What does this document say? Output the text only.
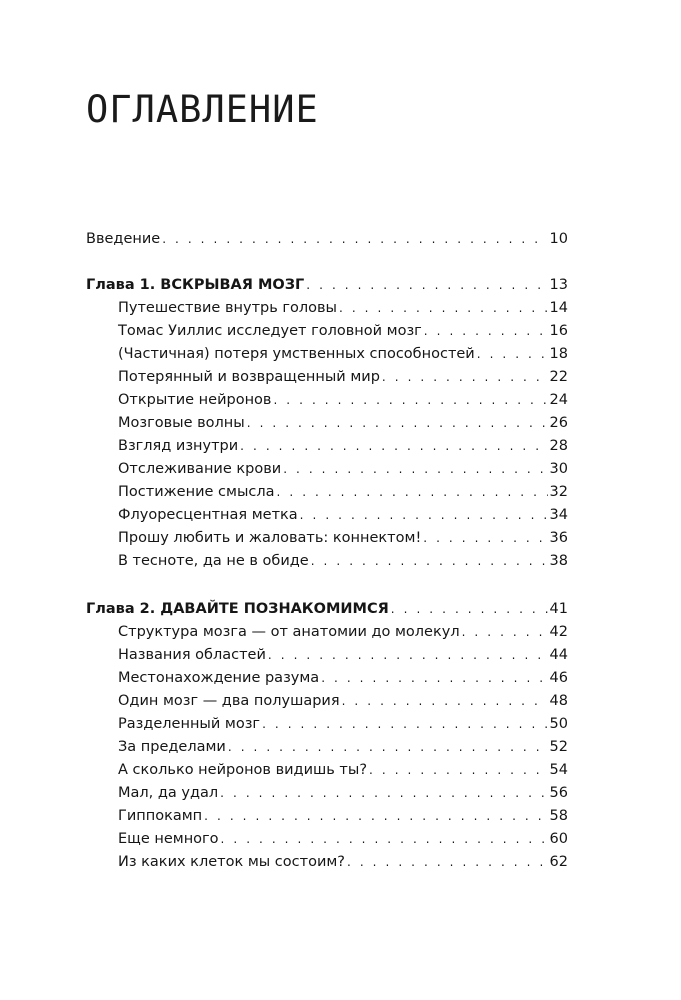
ОГЛАВЛЕНИЕ
Введение . . .	10
Глава 1. ВСКРЫВАЯ МОЗГ . . .	13
Путешествие внутрь головы . . .	14
Томас Уиллис исследует головной мозг . . .	16
(Частичная) потеря умственных способностей . . .	18
Потерянный и возвращенный мир . . .	22
Открытие нейронов . . .	24
Мозговые волны . . .	26
Взгляд изнутри . . .	28
Отслеживание крови . . .	30
Постижение смысла . . .	32
Флуоресцентная метка . . .	34
Прошу любить и жаловать: коннектом! . . .	36
В тесноте, да не в обиде . . .	38
Глава 2. ДАВАЙТЕ ПОЗНАКОМИМСЯ . . .	41
Структура мозга — от анатомии до молекул . . .	42
Названия областей . . .	44
Местонахождение разума . . .	46
Один мозг — два полушария . . .	48
Разделенный мозг . . .	50
За пределами . . .	52
А сколько нейронов видишь ты? . . .	54
Мал, да удал . . .	56
Гиппокамп . . .	58
Еще немного . . .	60
Из каких клеток мы состоим? . . .	62
